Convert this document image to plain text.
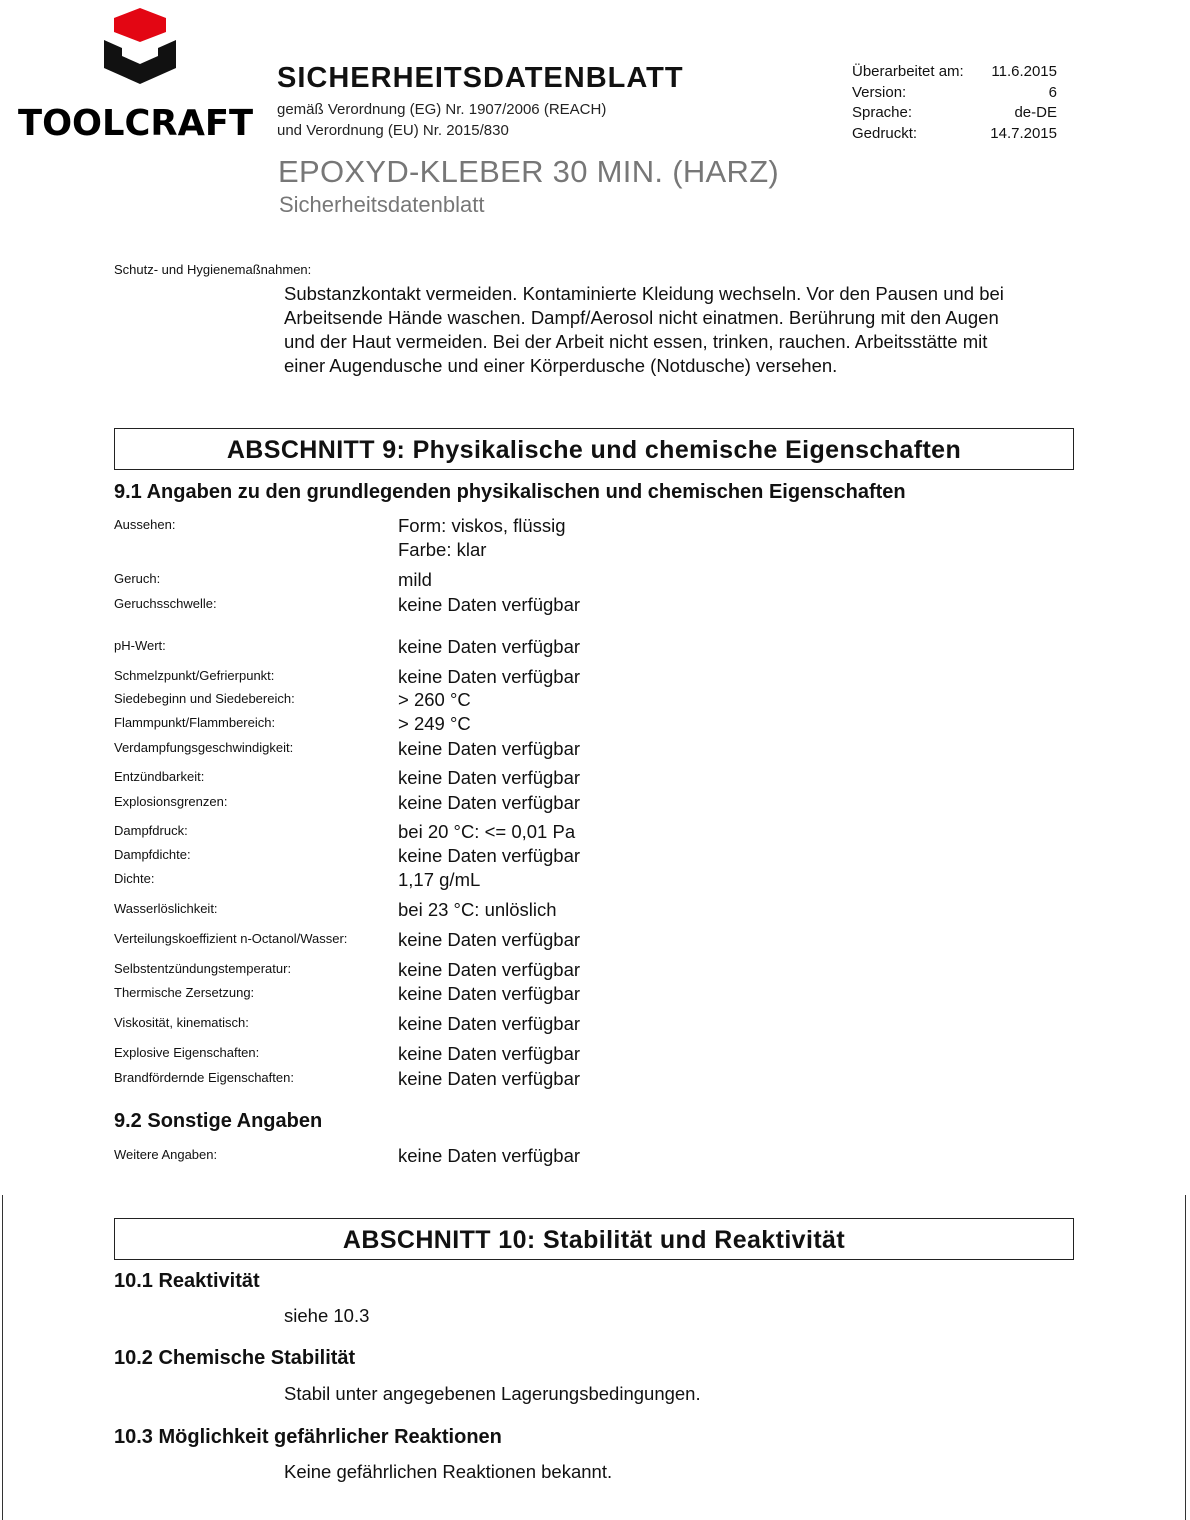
TOOLCRAFT
SICHERHEITSDATENBLATT
gemäß Verordnung (EG) Nr. 1907/2006 (REACH)
und Verordnung (EU) Nr. 2015/830
EPOXYD-KLEBER 30 MIN. (HARZ)
Sicherheitsdatenblatt
Überarbeitet am: 11.6.2015
Version:	6
Sprache:	de-DE
Gedruckt:	14.7.2015
Schutz- und Hygienemaßnahmen:
Substanzkontakt vermeiden. Kontaminierte Kleidung wechseln. Vor den Pausen und bei
Arbeitsende Hände waschen. Dampf/Aerosol nicht einatmen. Berührung mit den Augen
und der Haut vermeiden. Bei der Arbeit nicht essen, trinken, rauchen. Arbeitsstätte mit
einer Augendusche und einer Körperdusche (Notdusche) versehen.
ABSCHNITT 9: Physikalische und chemische Eigenschaften
9.1 Angaben zu den grundlegenden physikalischen und chemischen Eigenschaften
Aussehen:	Form: viskos, flüssig
Farbe: klar
Geruch:	mild
Geruchsschwelle:	keine Daten verfügbar
pH-Wert:	keine Daten verfügbar
Schmelzpunkt/Gefrierpunkt:	keine Daten verfügbar
Siedebeginn und Siedebereich:	> 260 °C
Flammpunkt/Flammbereich:	> 249 °C
Verdampfungsgeschwindigkeit:	keine Daten verfügbar
Entzündbarkeit:	keine Daten verfügbar
Explosionsgrenzen:	keine Daten verfügbar
Dampfdruck:	bei 20 °C: <= 0,01 Pa
Dampfdichte:	keine Daten verfügbar
Dichte:	1,17 g/mL
Wasserlöslichkeit:	bei 23 °C: unlöslich
Verteilungskoeffizient n-Octanol/Wasser:	keine Daten verfügbar
Selbstentzündungstemperatur:	keine Daten verfügbar
Thermische Zersetzung:	keine Daten verfügbar
Viskosität, kinematisch:	keine Daten verfügbar
Explosive Eigenschaften:	keine Daten verfügbar
Brandfördernde Eigenschaften:	keine Daten verfügbar
9.2 Sonstige Angaben
Weitere Angaben:	keine Daten verfügbar
ABSCHNITT 10: Stabilität und Reaktivität
10.1 Reaktivität
siehe 10.3
10.2 Chemische Stabilität
Stabil unter angegebenen Lagerungsbedingungen.
10.3 Möglichkeit gefährlicher Reaktionen
Keine gefährlichen Reaktionen bekannt.
